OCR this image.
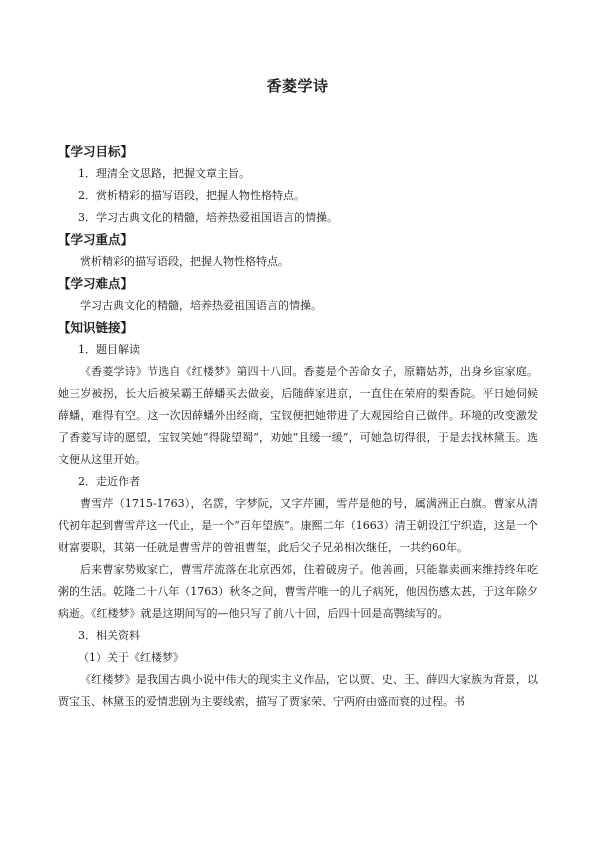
香菱学诗

【学习目标】

1．理清全文思路，把握文章主旨。

2．赏析精彩的描写语段，把握人物性格特点。

3．学习古典文化的精髓，培养热爱祖国语言的情操。

【学习重点】

赏析精彩的描写语段，把握人物性格特点。

【学习难点】

学习古典文化的精髓，培养热爱祖国语言的情操。

【知识链接】

1．题目解读

《香菱学诗》节选自《红楼梦》第四十八回。香菱是个苦命女子，原籍姑苏，出身乡宦家庭。她三岁被拐，长大后被呆霸王薛蟠买去做妾，后随薛家进京，一直住在荣府的梨香院。平日她伺候薛蟠，难得有空。这一次因薛蟠外出经商，宝钗便把她带进了大观园给自己做伴。环境的改变激发了香菱写诗的愿望，宝钗笑她“得陇望蜀”，劝她“且缓一缓”，可她急切得很，于是去找林黛玉。选文便从这里开始。

2．走近作者

曹雪芹（1715-1763），名霑，字梦阮，又字芹圃，雪芹是他的号，属满洲正白旗。曹家从清代初年起到曹雪芹这一代止，是一个“百年望族”。康熙二年（1663）清王朝设江宁织造，这是一个财富要职，其第一任就是曹雪芹的曾祖曹玺，此后父子兄弟相次继任，一共约60年。

后来曹家势败家亡，曹雪芹流落在北京西郊，住着破房子。他善画，只能靠卖画来维持终年吃粥的生活。乾隆二十八年（1763）秋冬之间，曹雪芹唯一的儿子病死，他因伤感太甚，于这年除夕病逝。《红楼梦》就是这期间写的—他只写了前八十回，后四十回是高鹗续写的。

3．相关资料

（1）关于《红楼梦》

《红楼梦》是我国古典小说中伟大的现实主义作品，它以贾、史、王、薛四大家族为背景，以贾宝玉、林黛玉的爱情悲剧为主要线索，描写了贾家荣、宁两府由盛而衰的过程。书
